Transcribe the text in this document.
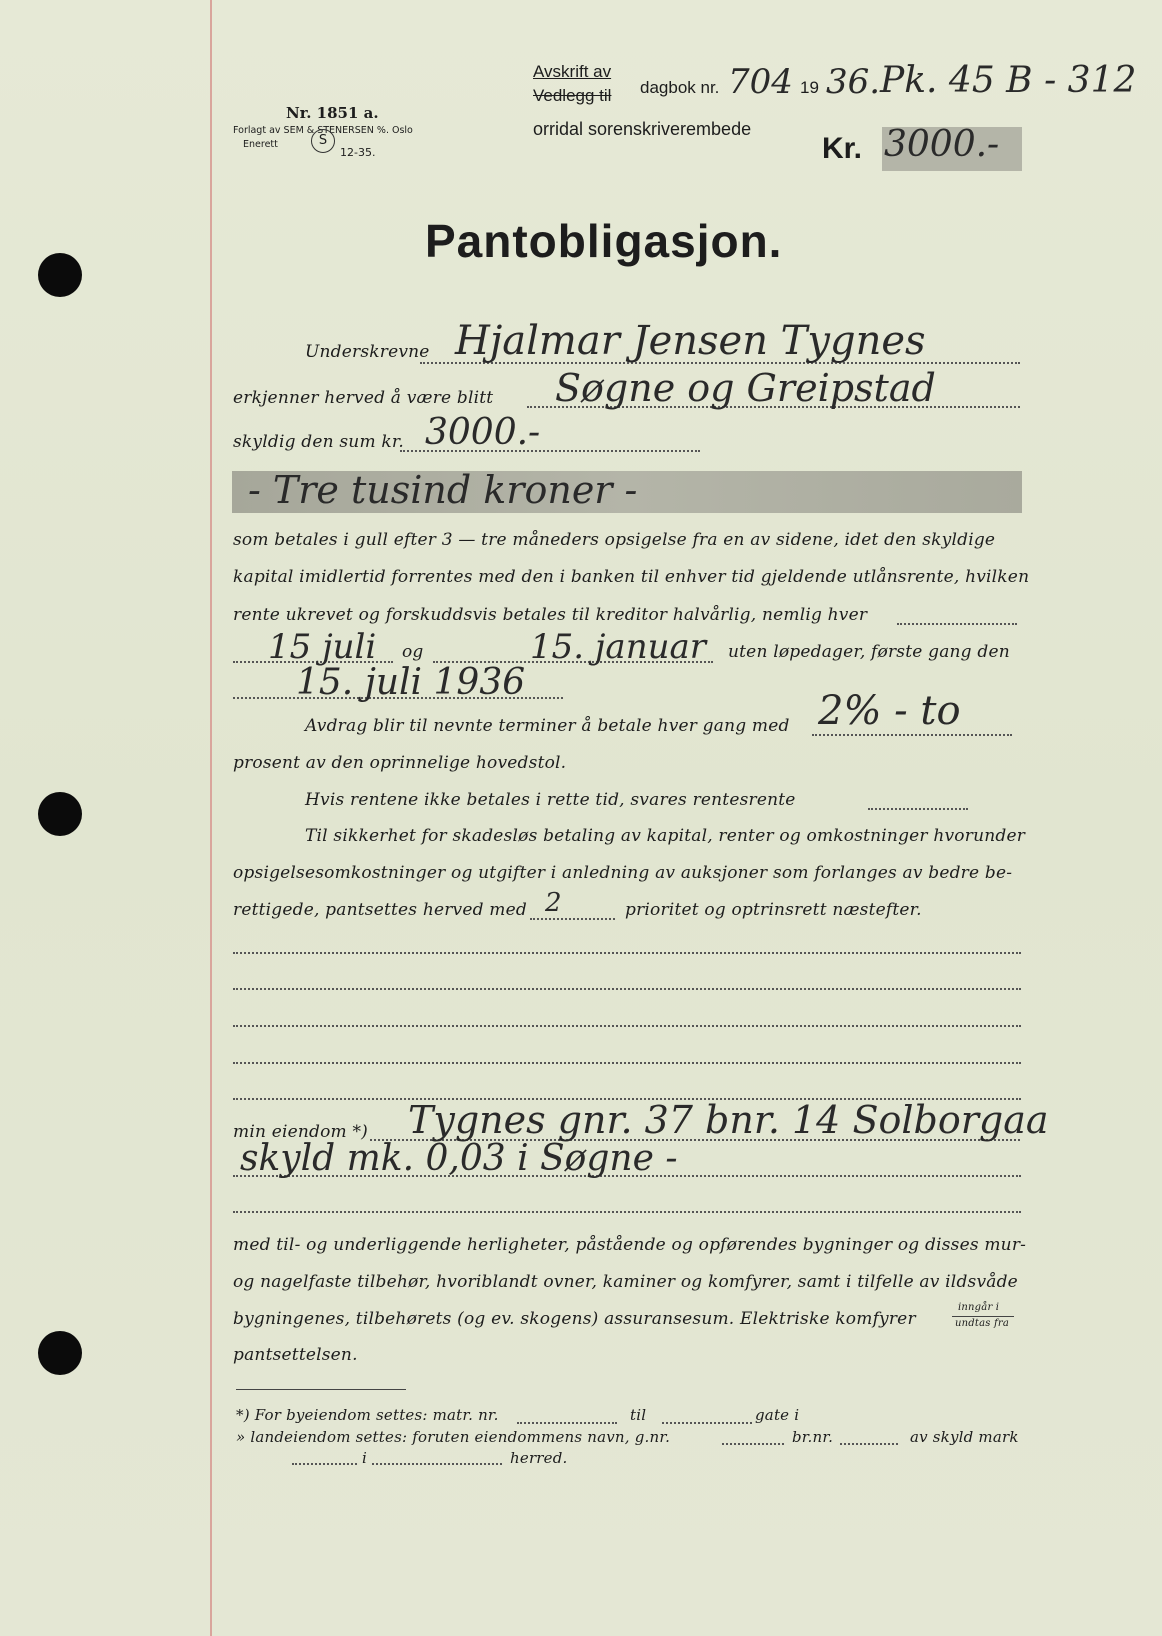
Avskrift av
Vedlegg til dagbok nr. 704 19 36. Pk. 45 B - 312
orridal sorenskriverembede
Nr. 1851 a.
Forlagt av SEM & STENERSEN %. Oslo
Enerett	S
12-35.	Kr. 3000.-
Pantobligasjon.
Underskrevne Hjalmar Jensen Tygnes
erkjenner herved å være blitt Søgne og Greipstad
skyldig den sum kr. 3000.-
- Tre tusind kroner -
som betales i gull efter 3 — tre måneders opsigelse fra en av sidene, idet den skyldige
kapital imidlertid forrentes med den i banken til enhver tid gjeldende utlånsrente, hvilken
rente ukrevet og forskuddsvis betales til kreditor halvårlig, nemlig hver
15 juli og	15. januar uten løpedager, første gang den
15. juli 1936
Avdrag blir til nevnte terminer å betale hver gang med 2% - to
prosent av den oprinnelige hovedstol.
Hvis rentene ikke betales i rette tid, svares rentesrente
Til sikkerhet for skadesløs betaling av kapital, renter og omkostninger hvorunder
opsigelsesomkostninger og utgifter i anledning av auksjoner som forlanges av bedre be-
rettigede, pantsettes herved med 2	prioritet og optrinsrett næstefter.
min eiendom *) Tygnes gnr. 37 bnr. 14 Solborgaa
skyld mk. 0,03 i Søgne -
med til- og underliggende herligheter, påstående og opførendes bygninger og disses mur-
og nagelfaste tilbehør, hvoriblandt ovner, kaminer og komfyrer, samt i tilfelle av ildsvåde
bygningenes, tilbehørets (og ev. skogens) assuransesum. Elektriske komfyrer
inngår i
undtas fra
pantsettelsen.
*) For byeiendom settes: matr. nr.	til	gate i
» landeiendom settes: foruten eiendommens navn, g.nr.	br.nr.	av skyld mark
i	herred.
